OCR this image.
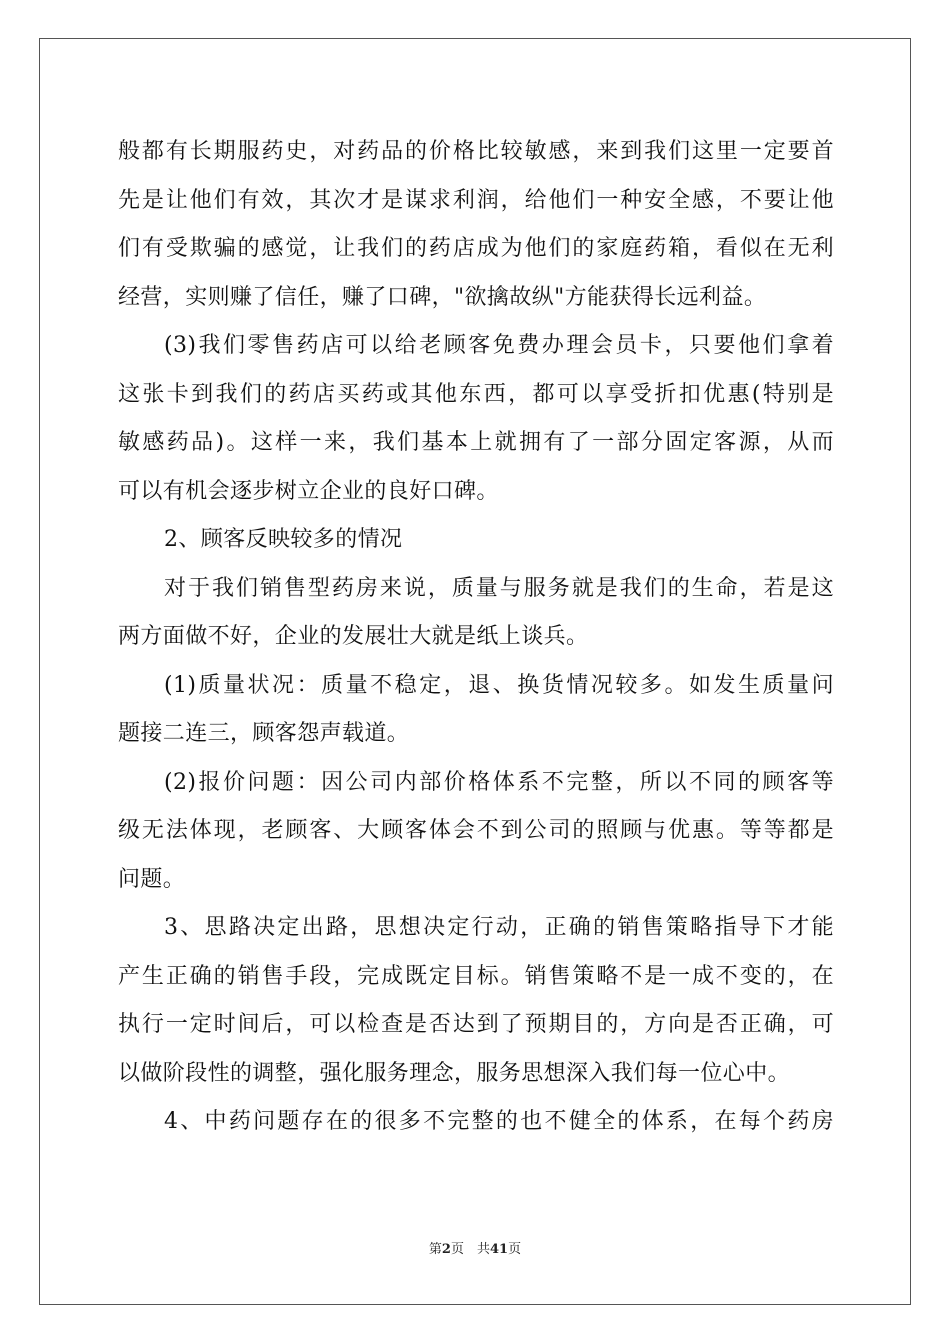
般都有长期服药史，对药品的价格比较敏感，来到我们这里一定要首
先是让他们有效，其次才是谋求利润，给他们一种安全感，不要让他
们有受欺骗的感觉，让我们的药店成为他们的家庭药箱，看似在无利
经营，实则赚了信任，赚了口碑，"欲擒故纵"方能获得长远利益。
(3)我们零售药店可以给老顾客免费办理会员卡，只要他们拿着
这张卡到我们的药店买药或其他东西，都可以享受折扣优惠(特别是
敏感药品)。这样一来，我们基本上就拥有了一部分固定客源，从而
可以有机会逐步树立企业的良好口碑。
2、顾客反映较多的情况
对于我们销售型药房来说，质量与服务就是我们的生命，若是这
两方面做不好，企业的发展壮大就是纸上谈兵。
(1)质量状况：质量不稳定，退、换货情况较多。如发生质量问
题接二连三，顾客怨声载道。
(2)报价问题：因公司内部价格体系不完整，所以不同的顾客等
级无法体现，老顾客、大顾客体会不到公司的照顾与优惠。等等都是
问题。
3、思路决定出路，思想决定行动，正确的销售策略指导下才能
产生正确的销售手段，完成既定目标。销售策略不是一成不变的，在
执行一定时间后，可以检查是否达到了预期目的，方向是否正确，可
以做阶段性的调整，强化服务理念，服务思想深入我们每一位心中。
4、中药问题存在的很多不完整的也不健全的体系，在每个药房
第2页　共41页
